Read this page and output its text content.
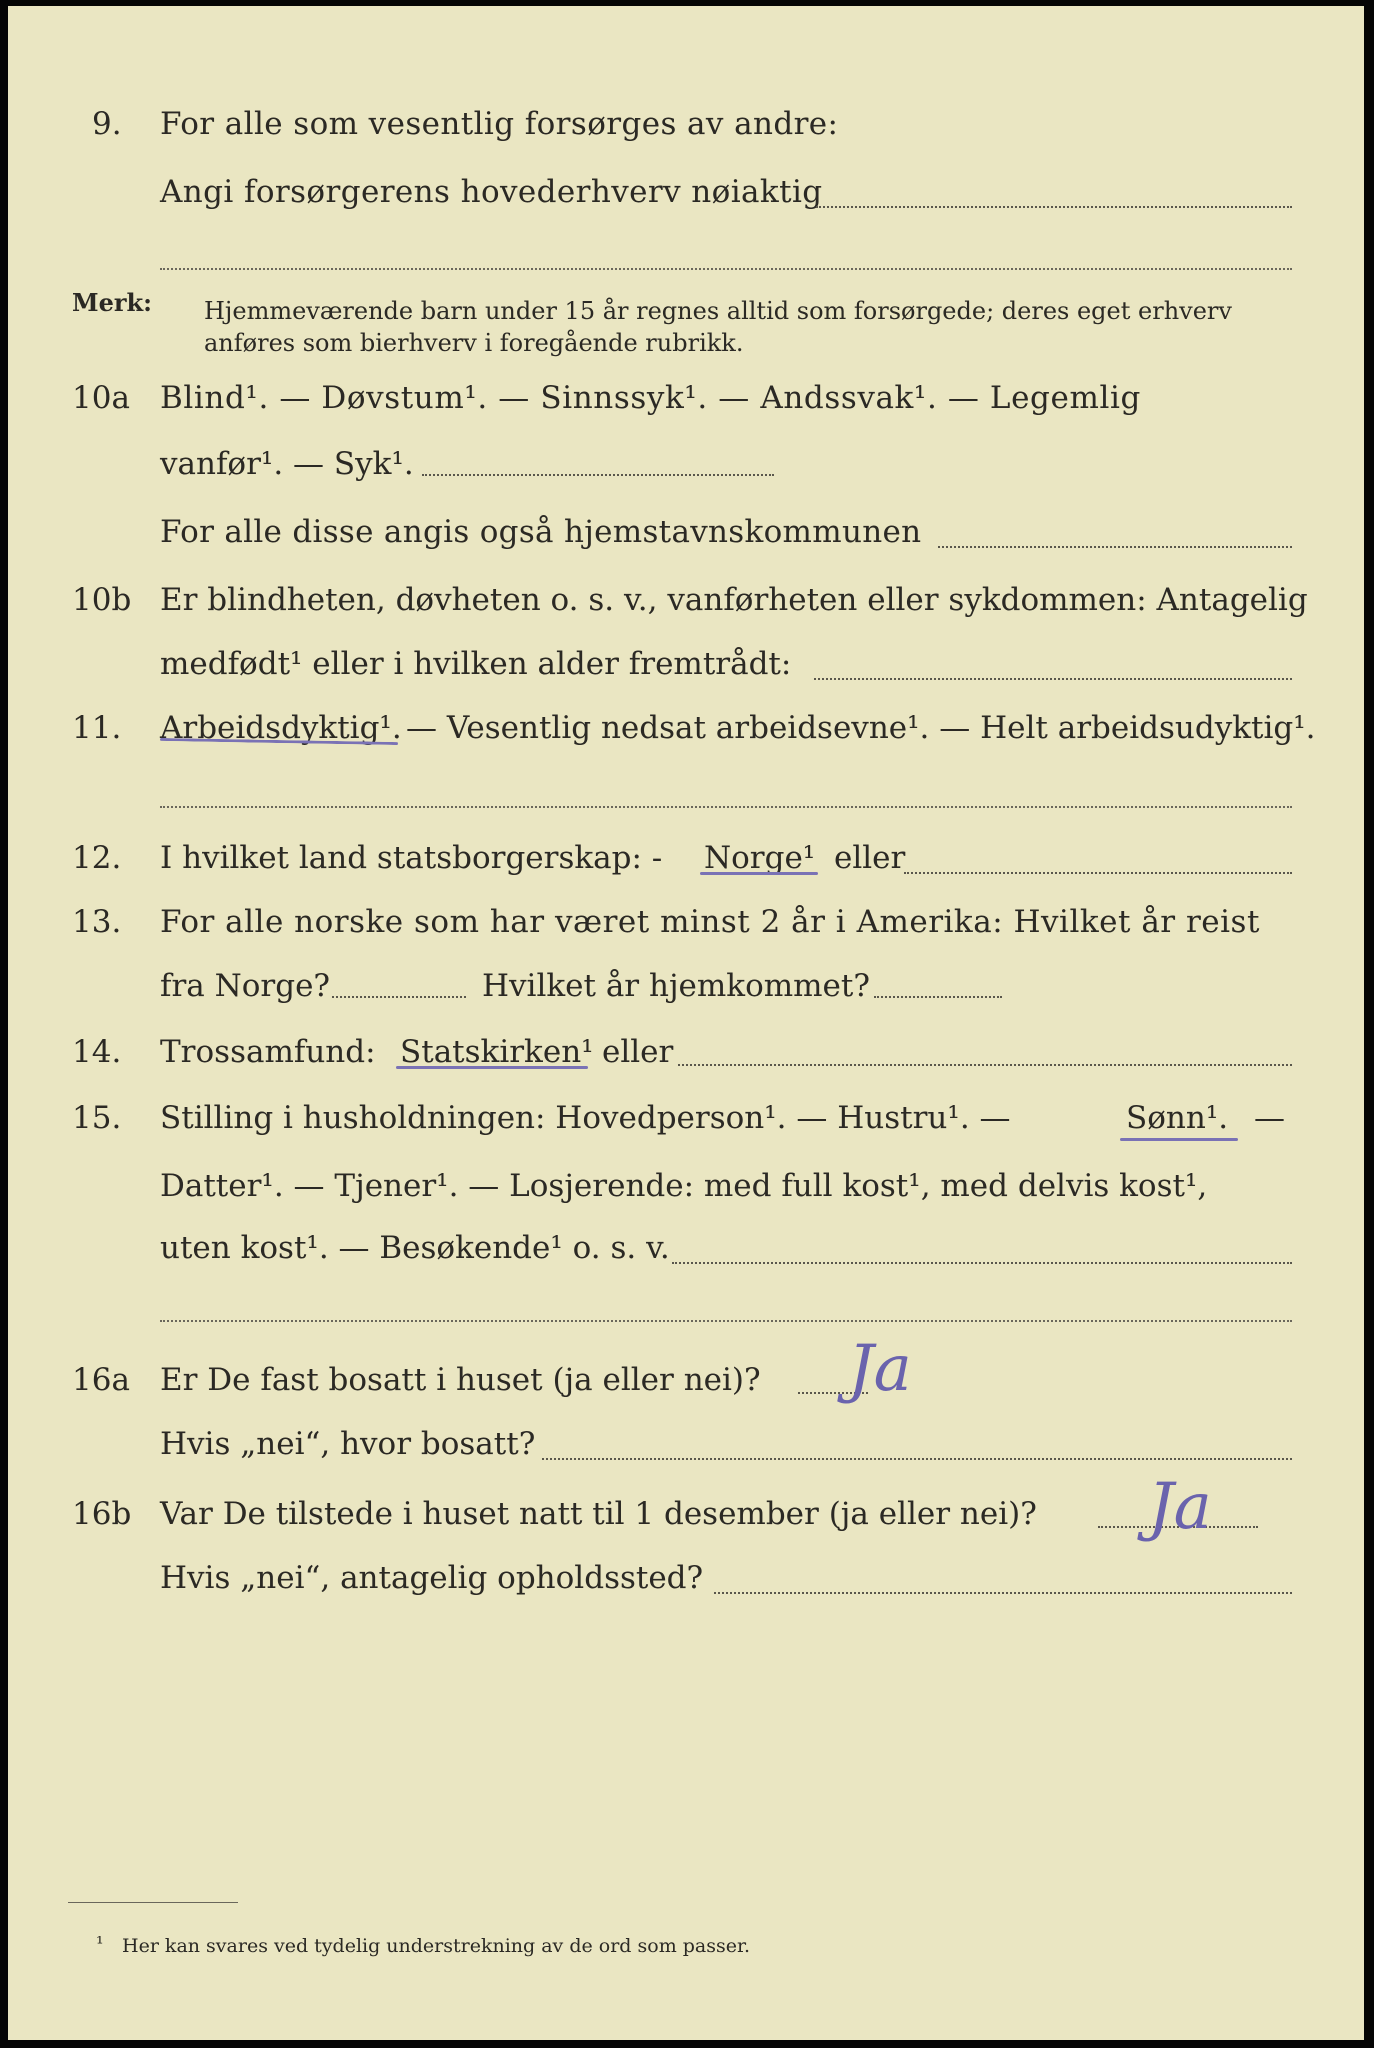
9. For alle som vesentlig forsørges av andre:
Angi forsørgerens hovederhverv nøiaktig
Merk: Hjemmeværende barn under 15 år regnes alltid som forsørgede; deres eget erhverv
anføres som bierhverv i foregående rubrikk.
10a Blind¹. — Døvstum¹. — Sinnssyk¹. — Andssvak¹. — Legemlig
vanfør¹. — Syk¹.
For alle disse angis også hjemstavnskommunen
10b Er blindheten, døvheten o. s. v., vanførheten eller sykdommen: Antagelig
medfødt¹ eller i hvilken alder fremtrådt:
11. Arbeidsdyktig¹. — Vesentlig nedsat arbeidsevne¹. — Helt arbeidsudyktig¹.
12. I hvilket land statsborgerskap: - Norge¹ eller
13. For alle norske som har været minst 2 år i Amerika: Hvilket år reist
fra Norge?	Hvilket år hjemkommet?
14. Trossamfund: Statskirken¹ eller
15. Stilling i husholdningen: Hovedperson¹. — Hustru¹. —	Sønn¹. —
Datter¹. — Tjener¹. — Losjerende: med full kost¹, med delvis kost¹,
uten kost¹. — Besøkende¹ o. s. v.
16a Er De fast bosatt i huset (ja eller nei)? Ja
Hvis „nei“, hvor bosatt?
16b Var De tilstede i huset natt til 1 desember (ja eller nei)? Ja
Hvis „nei“, antagelig opholdssted?
¹ Her kan svares ved tydelig understrekning av de ord som passer.
